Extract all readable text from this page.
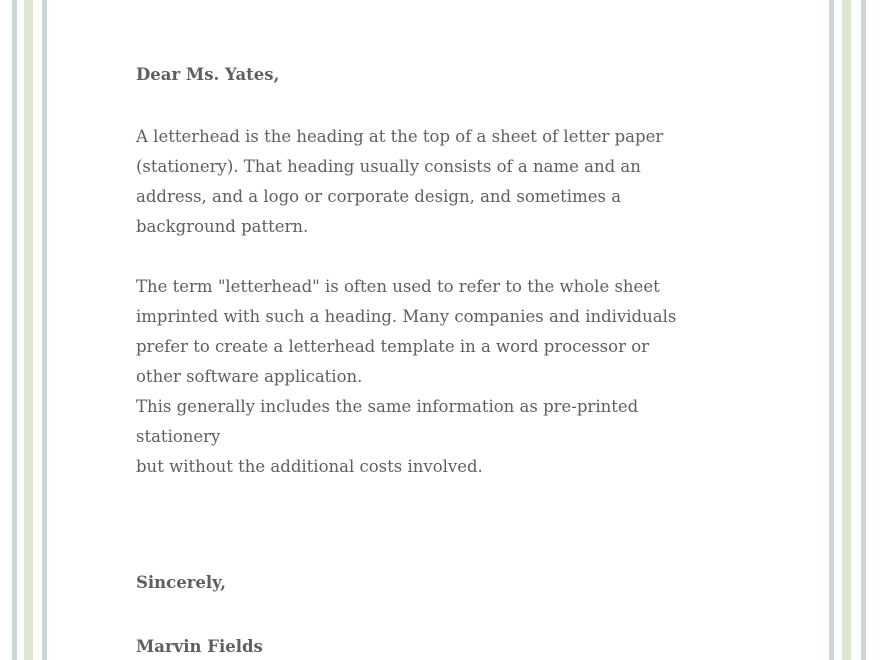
Dear Ms. Yates,
A letterhead is the heading at the top of a sheet of letter paper
(stationery). That heading usually consists of a name and an
address, and a logo or corporate design, and sometimes a
background pattern.
The term "letterhead" is often used to refer to the whole sheet
imprinted with such a heading. Many companies and individuals
prefer to create a letterhead template in a word processor or
other software application.
This generally includes the same information as pre-printed
stationery
but without the additional costs involved.
Sincerely,
Marvin Fields
